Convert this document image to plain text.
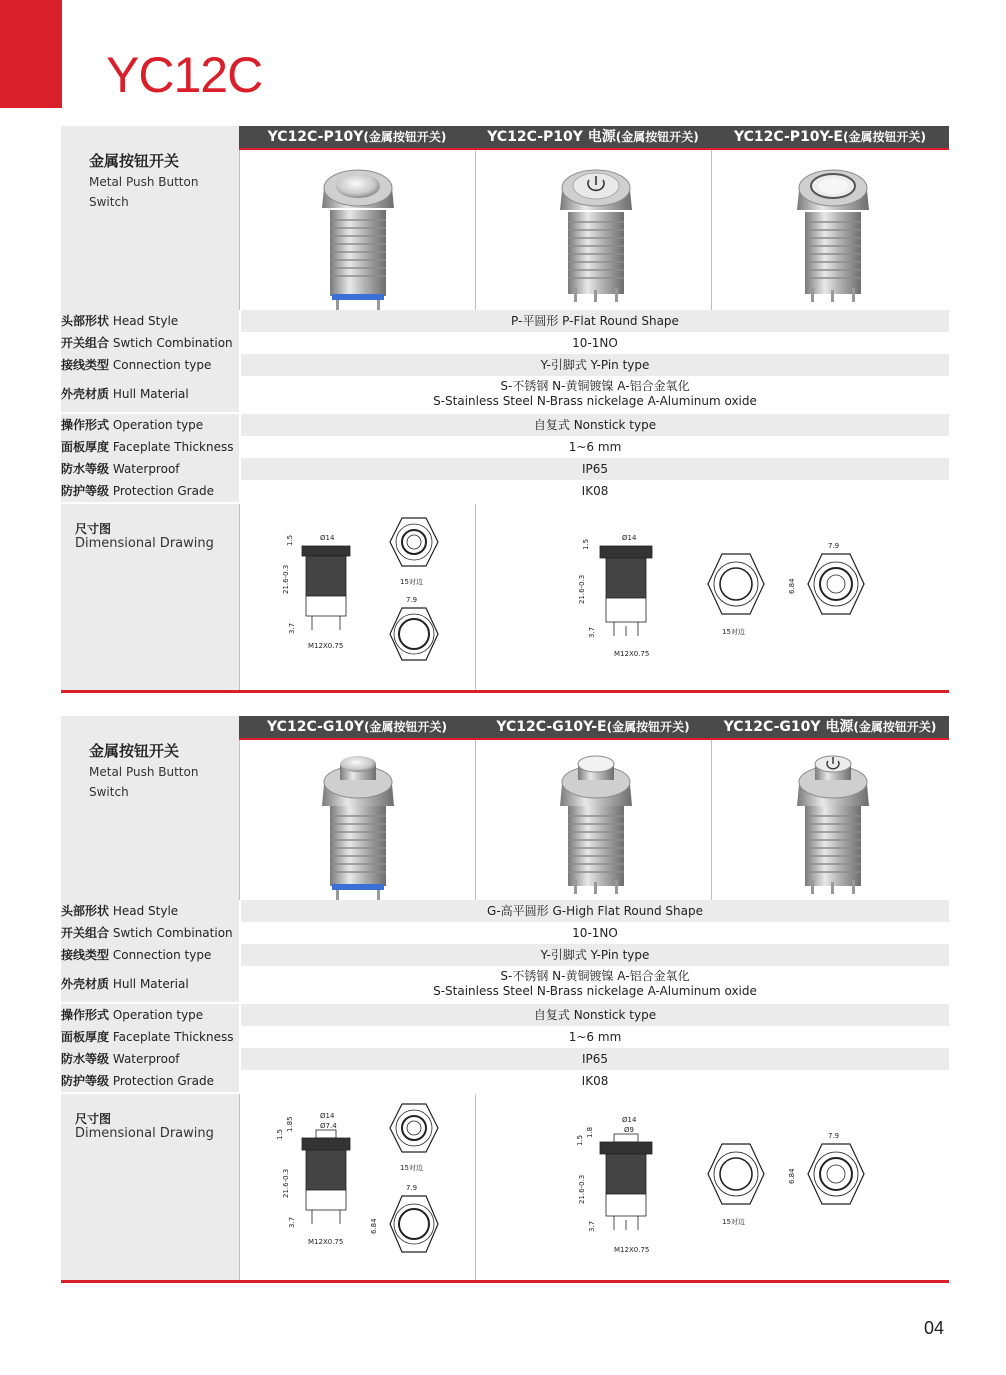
YC12C
金属按钮开关
Metal Push Button
Switch
YC12C-P10Y(金属按钮开关)	YC12C-P10Y 电源(金属按钮开关)	YC12C-P10Y-E(金属按钮开关)
头部形状 Head Style	P-平圆形 P-Flat Round Shape
开关组合 Swtich Combination	10-1NO
接线类型 Connection type	Y-引脚式 Y-Pin type
外壳材质 Hull Material
S-不锈钢 N-黄铜镀镍 A-铝合金氧化
S-Stainless Steel N-Brass nickelage A-Aluminum oxide
操作形式 Operation type	自复式 Nonstick type
面板厚度 Faceplate Thickness	1~6 mm
防水等级 Waterproof	IP65
防护等级 Protection Grade	IK08
尺寸图
Dimensional Drawing	Ø14
21.6-0.3
1.5
3.7
M12X0.75
15对边
7.9
Ø14
21.6-0.3
1.5
3.7
M12X0.75
15对边
7.9
6.84
金属按钮开关
Metal Push Button
Switch
YC12C-G10Y(金属按钮开关)	YC12C-G10Y-E(金属按钮开关)	YC12C-G10Y 电源(金属按钮开关)
头部形状 Head Style	G-高平圆形 G-High Flat Round Shape
开关组合 Swtich Combination	10-1NO
接线类型 Connection type	Y-引脚式 Y-Pin type
外壳材质 Hull Material
S-不锈钢 N-黄铜镀镍 A-铝合金氧化
S-Stainless Steel N-Brass nickelage A-Aluminum oxide
操作形式 Operation type	自复式 Nonstick type
面板厚度 Faceplate Thickness	1~6 mm
防水等级 Waterproof	IP65
防护等级 Protection Grade	IK08
尺寸图
Dimensional Drawing
Ø14
Ø7.4
21.6-0.3
1.5
1.85
3.7
M12X0.75
15对边
7.9
6.84
Ø14
Ø9
21.6-0.3
1.5
1.8
3.7
M12X0.75
15对边
7.9
6.84
04
